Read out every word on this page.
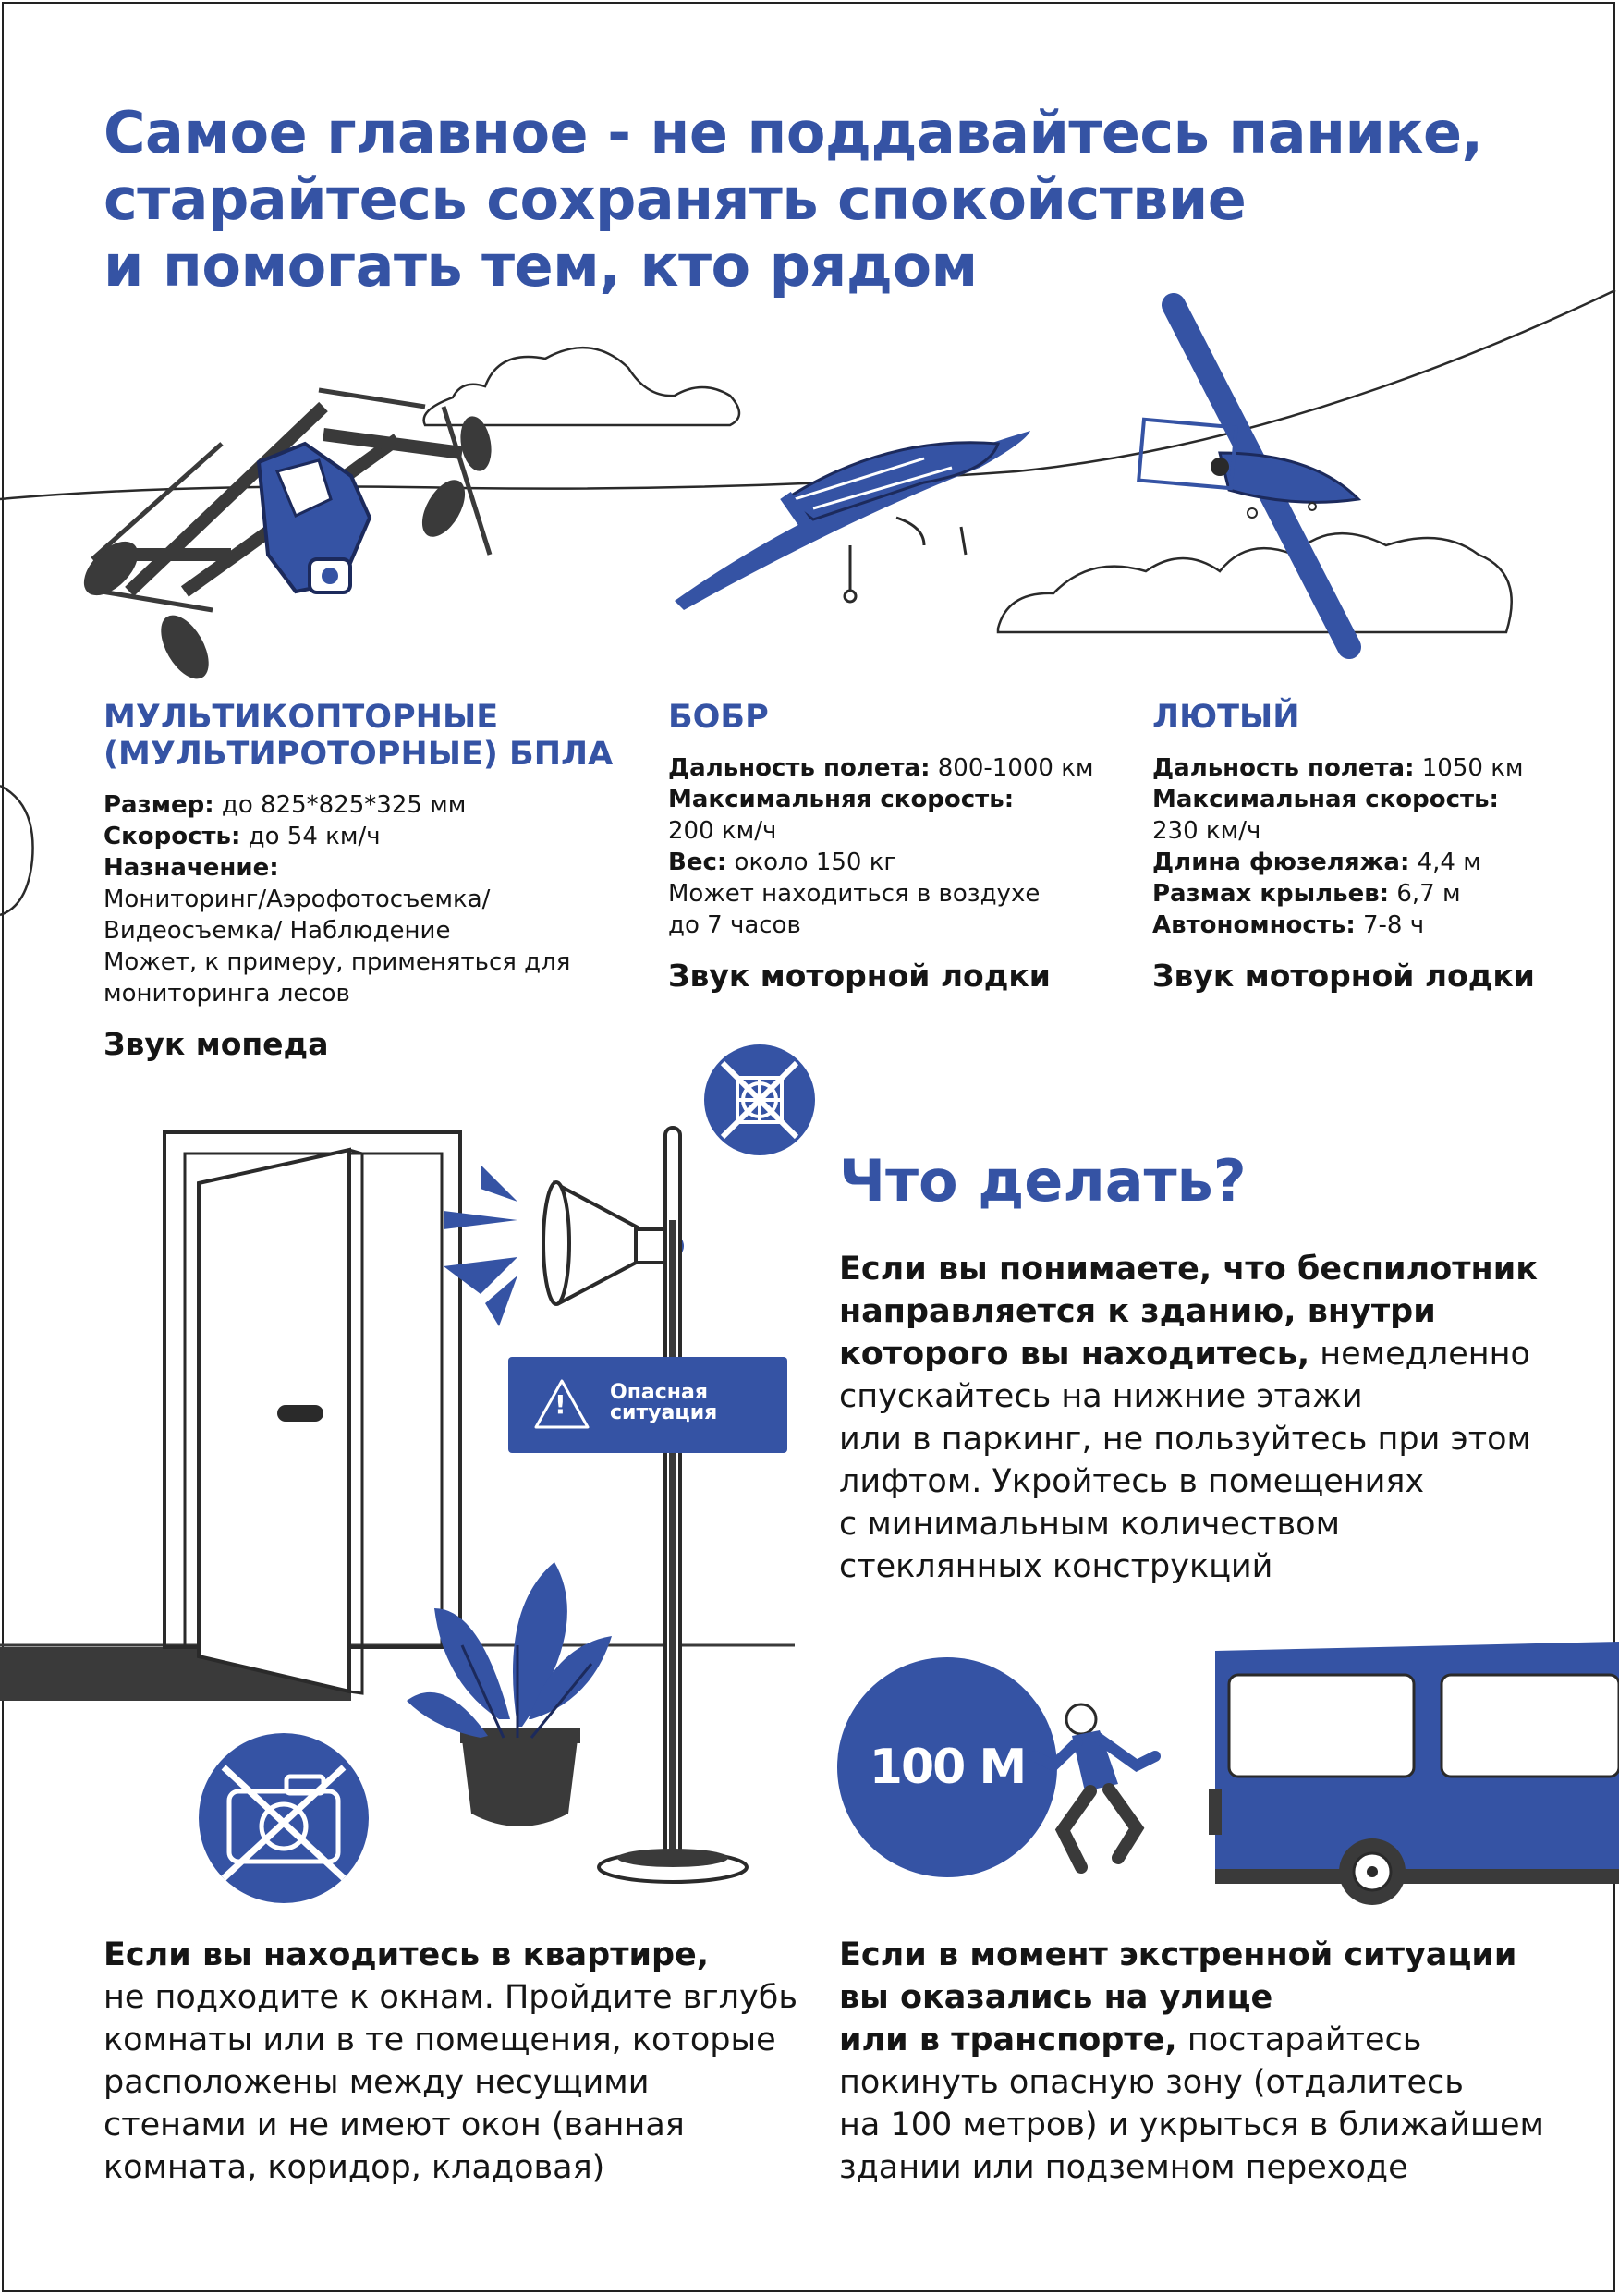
Самое главное - не поддавайтесь панике,
старайтесь сохранять спокойствие
и помогать тем, кто рядом
МУЛЬТИКОПТОРНЫЕ
(МУЛЬТИРОТОРНЫЕ) БПЛА
Размер: до 825*825*325 мм
Скорость: до 54 км/ч
Назначение:
Мониторинг/Аэрофотосъемка/
Видеосъемка/ Наблюдение
Может, к примеру, применяться для
мониторинга лесов
Звук мопеда
БОБР
Дальность полета: 800-1000 км
Максимальняя скорость:
200 км/ч
Вес: около 150 кг
Может находиться в воздухе
до 7 часов
Звук моторной лодки
ЛЮТЫЙ
Дальность полета: 1050 км
Максимальная скорость:
230 км/ч
Длина фюзеляжа: 4,4 м
Размах крыльев: 6,7 м
Автономность: 7-8 ч
Звук моторной лодки
! Опасная
ситуация
Что делать?
Если вы понимаете, что беспилотник
направляется к зданию, внутри
которого вы находитесь, немедленно
спускайтесь на нижние этажи
или в паркинг, не пользуйтесь при этом
лифтом. Укройтесь в помещениях
с минимальным количеством
стеклянных конструкций
100 М
Если вы находитесь в квартире,
не подходите к окнам. Пройдите вглубь
комнаты или в те помещения, которые
расположены между несущими
стенами и не имеют окон (ванная
комната, коридор, кладовая)
Если в момент экстренной ситуации
вы оказались на улице
или в транспорте, постарайтесь
покинуть опасную зону (отдалитесь
на 100 метров) и укрыться в ближайшем
здании или подземном переходе
